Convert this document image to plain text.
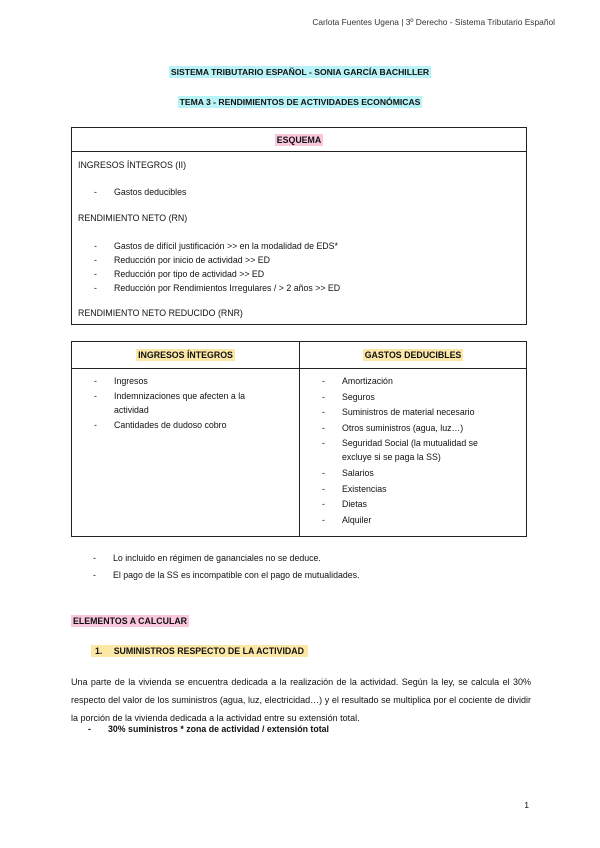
Carlota Fuentes Ugena | 3º Derecho - Sistema Tributario Español
SISTEMA TRIBUTARIO ESPAÑOL - SONIA GARCÍA BACHILLER
TEMA 3 - RENDIMIENTOS DE ACTIVIDADES ECONÓMICAS
ESQUEMA
INGRESOS ÍNTEGROS (II)
- Gastos deducibles
RENDIMIENTO NETO (RN)
- Gastos de difícil justificación >> en la modalidad de EDS*
- Reducción por inicio de actividad >> ED
- Reducción por tipo de actividad >> ED
- Reducción por Rendimientos Irregulares / > 2 años >> ED
RENDIMIENTO NETO REDUCIDO (RNR)
INGRESOS ÍNTEGROS	GASTOS DEDUCIBLES
- Ingresos
- Indemnizaciones que afecten a la actividad
- Cantidades de dudoso cobro
- Amortización
- Seguros
- Suministros de material necesario
- Otros suministros (agua, luz…)
- Seguridad Social (la mutualidad se excluye si se paga la SS)
- Salarios
- Existencias
- Dietas
- Alquiler
- Lo incluido en régimen de gananciales no se deduce.
- El pago de la SS es incompatible con el pago de mutualidades.
ELEMENTOS A CALCULAR
1. SUMINISTROS RESPECTO DE LA ACTIVIDAD
Una parte de la vivienda se encuentra dedicada a la realización de la actividad. Según la ley, se calcula el 30% respecto del valor de los suministros (agua, luz, electricidad…) y el resultado se multiplica por el cociente de dividir la porción de la vivienda dedicada a la actividad entre su extensión total.
- 30% suministros * zona de actividad / extensión total
1
